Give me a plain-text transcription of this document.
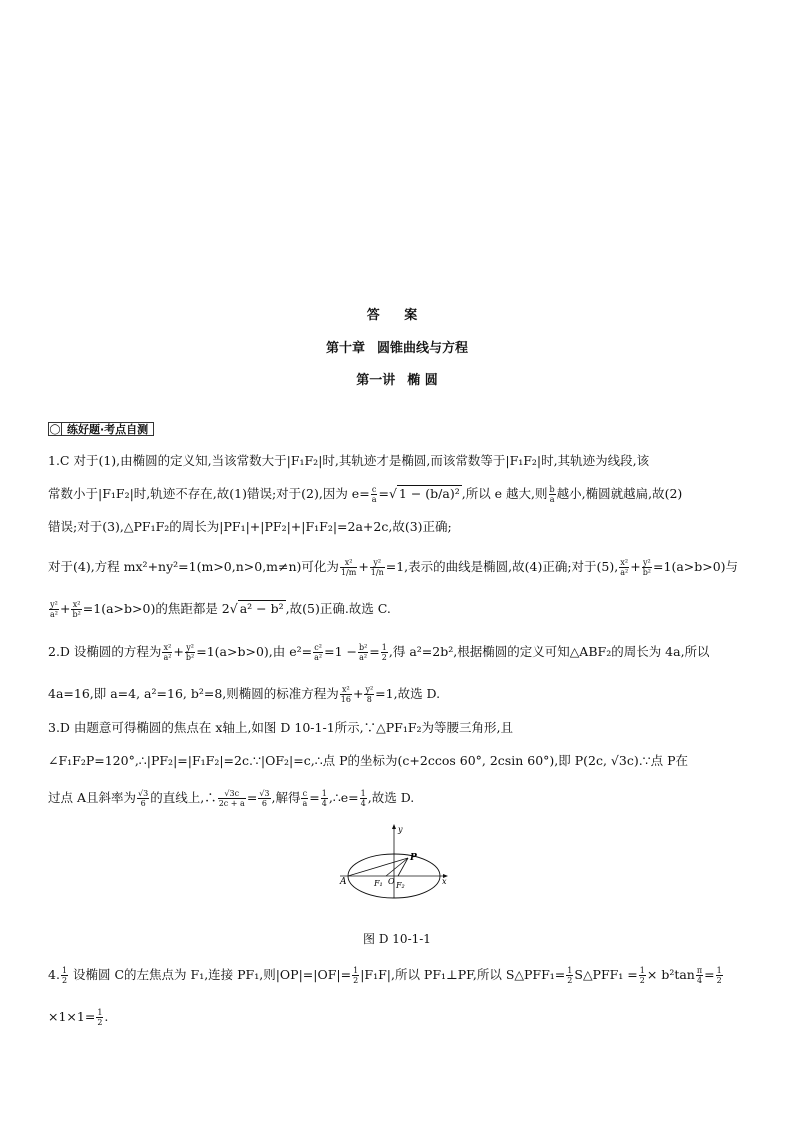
答 案
第十章 圆锥曲线与方程
第一讲 椭 圆
◯ 练好题·考点自测
1.C 对于(1),由椭圆的定义知,当该常数大于|F₁F₂|时,其轨迹才是椭圆,而该常数等于|F₁F₂|时,其轨迹为线段,该
常数小于|F₁F₂|时,轨迹不存在,故(1)错误;对于(2),因为 $e= \frac{c}{a}$ =√ 1 − (b/a)² ,所以 e 越大,则 $\frac{b}{a}$ 越小,椭圆就越扁,故(2)
错误;对于(3),△PF₁F₂的周长为|PF₁|+|PF₂|+|F₁F₂|=2a+2c,故(3)正确;
对于(4),方程 mx²+ny²=1(m>0,n>0,m≠n)可化为 $\frac{\text{x²}}{1/m} + \frac{\text{y²}}{1/n} =1$,表示的曲线是椭圆,故(4)正确;对于(5), $\frac{\text{x²}}{\text{a²}} + \frac{\text{y²}}{\text{b²}} =1(a>b>0)$与
$\frac{\text{y²}}{\text{a²}} + \frac{\text{x²}}{\text{b²}} =1(a>b>0)$的焦距都是 2√ a² − b² ,故(5)正确.故选 C.
2.D 设椭圆的方程为 $\frac{\text{x²}}{\text{a²}} + \frac{\text{y²}}{\text{b²}} =1(a>b>0)$,由 $e^2= \frac{\text{c²}}{\text{a²}} =1 - \frac{\text{b²}}{\text{a²}} = \frac{1}{2}$ ,得 a²=2b²,根据椭圆的定义可知△ABF₂的周长为 4a,所以
4a=16,即 a=4, a²=16, b²=8,则椭圆的标准方程为 $\frac{\text{x²}}{16} + \frac{\text{y²}}{8} =1$,故选 D.
3.D 由题意可得椭圆的焦点在 x轴上,如图 D 10-1-1所示,∵△PF₁F₂为等腰三角形,且
∠F₁F₂P=120°,∴|PF₂|=|F₁F₂|=2c.∵|OF₂|=c,∴点 P的坐标为(c+2ccos 60°, 2csin 60°),即 P(2c, √3c).∵点 P在
过点 A且斜率为 $\frac{√3}{6}$ 的直线上,∴ $\frac{√3c}{2c + a} = \frac{√3}{6}$ ,解得 $\frac{c}{a} = \frac{1}{4}$ ,∴e= $\frac{1}{4}$ ,故选 D.
y
x
A	O
F₁ F₂
P
图 D 10-1-1
4. $\frac{1}{2}$ 设椭圆 C的左焦点为 F₁,连接 PF₁,则$|OP|=|OF|= \frac{1}{2} |F_1F|$,所以 PF₁⊥PF,所以 S△PFF₁= $\frac{1}{2}$ S△PFF₁ = $\frac{1}{2} \times b^2\tan \frac{\pi}{4} = \frac{1}{2}$
$\times 1\times 1= \frac{1}{2}$ .
